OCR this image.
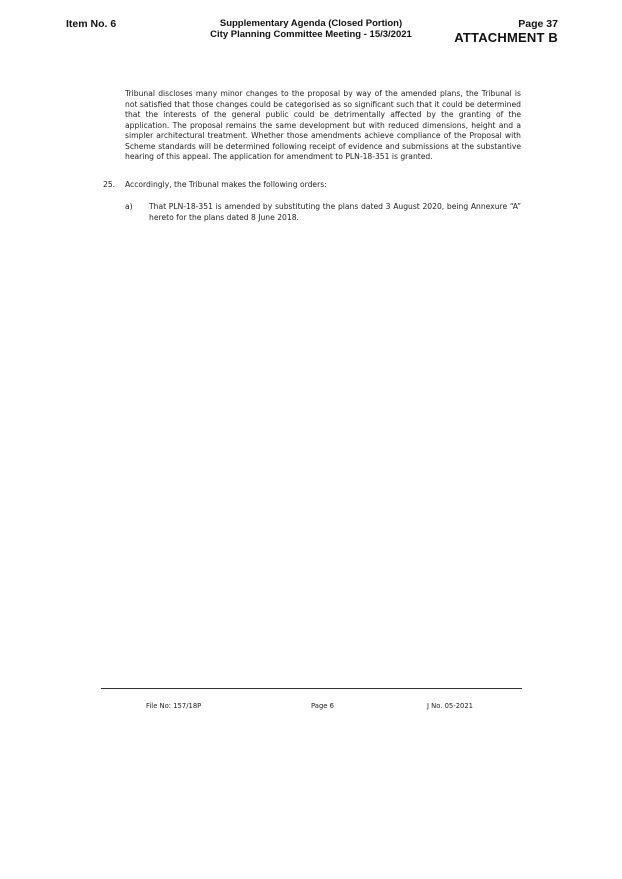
Item No. 6	Supplementary Agenda (Closed Portion)
City Planning Committee Meeting - 15/3/2021
Page 37
ATTACHMENT B
Tribunal discloses many minor changes to the proposal by way of the amended plans, the Tribunal is not satisfied that those changes could be categorised as so significant such that it could be determined that the interests of the general public could be detrimentally affected by the granting of the application. The proposal remains the same development but with reduced dimensions, height and a simpler architectural treatment. Whether those amendments achieve compliance of the Proposal with Scheme standards will be determined following receipt of evidence and submissions at the substantive hearing of this appeal. The application for amendment to PLN-18-351 is granted.
25. Accordingly, the Tribunal makes the following orders:
a) That PLN-18-351 is amended by substituting the plans dated 3 August 2020, being Annexure “A” hereto for the plans dated 8 June 2018.
File No: 157/18P	Page 6	J No. 05-2021
